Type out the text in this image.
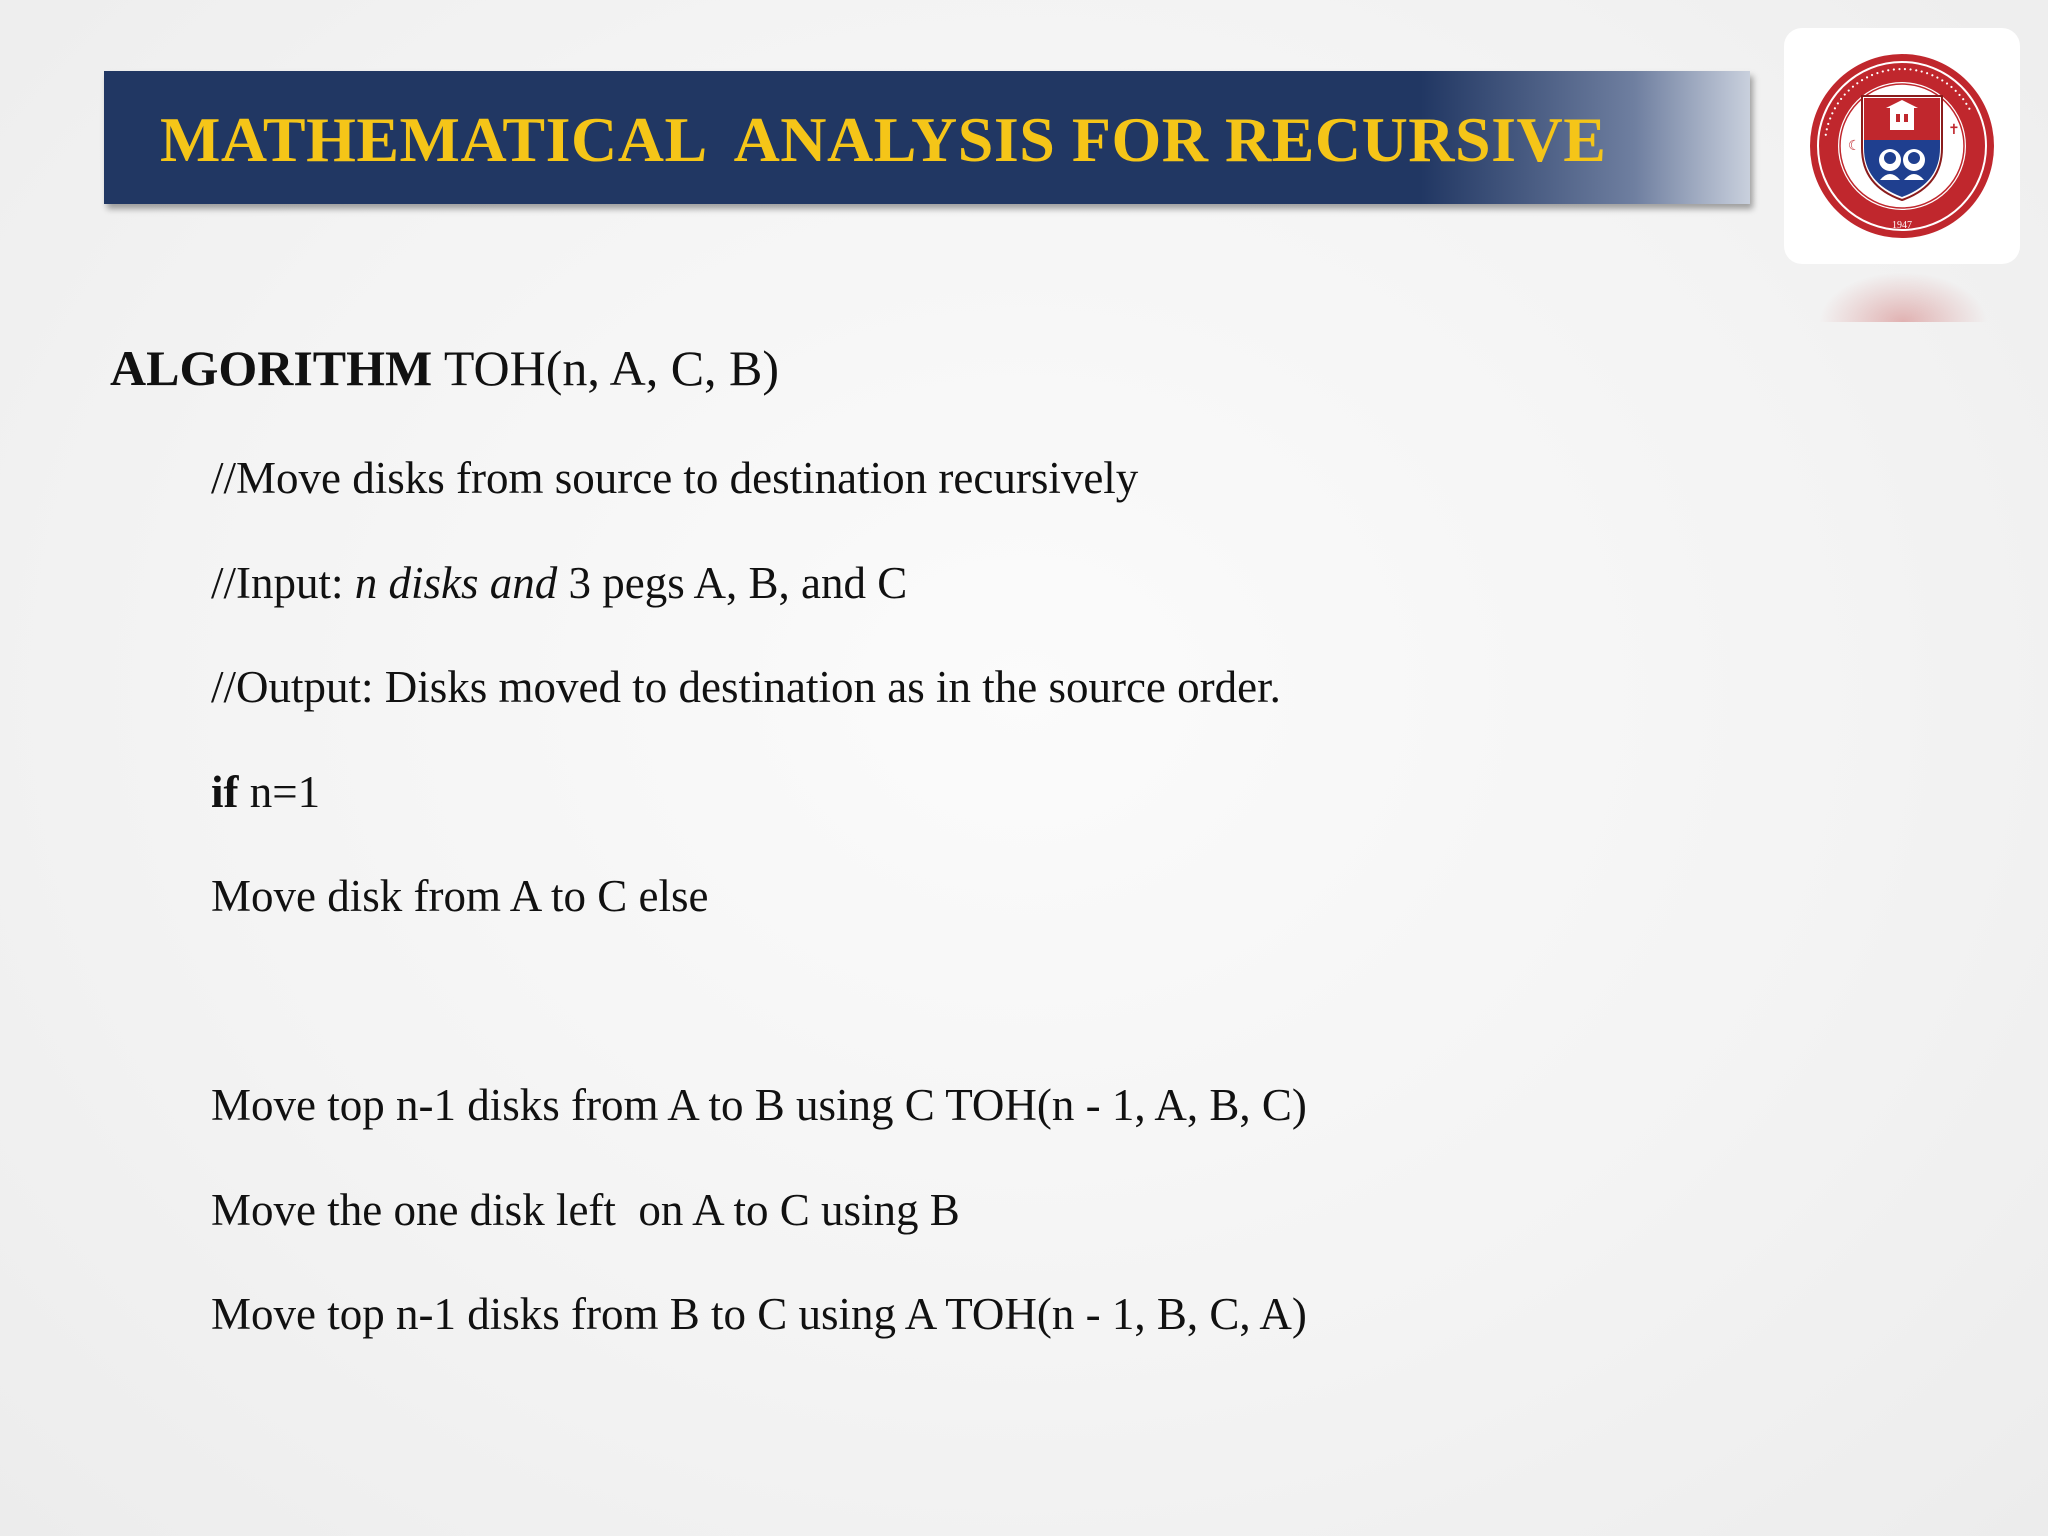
MATHEMATICAL  ANALYSIS FOR RECURSIVE	☾
✝
• • • • • • • • • • • • • • • • • • • • • • • • • • • • • • • • • • •
1947
ALGORITHM TOH(n, A, C, B)
//Move disks from source to destination recursively
//Input: n disks and 3 pegs A, B, and C
//Output: Disks moved to destination as in the source order.
if n=1
Move disk from A to C else
Move top n-1 disks from A to B using C TOH(n - 1, A, B, C)
Move the one disk left  on A to C using B
Move top n-1 disks from B to C using A TOH(n - 1, B, C, A)
